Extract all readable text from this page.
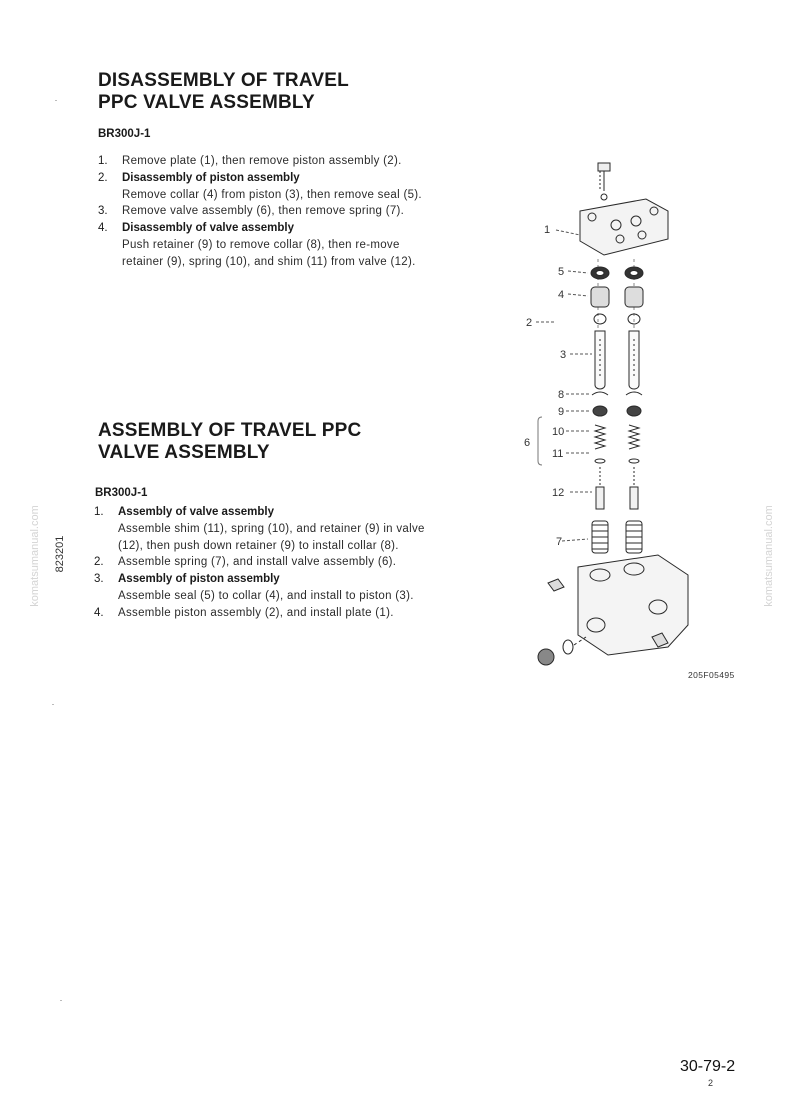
DISASSEMBLY OF TRAVEL
PPC VALVE ASSEMBLY
BR300J-1
1. Remove plate (1), then remove piston assembly (2).
2. Disassembly of piston assembly
Remove collar (4) from piston (3), then remove seal (5).
3. Remove valve assembly (6), then remove spring (7).
4. Disassembly of valve assembly
Push retainer (9) to remove collar (8), then re-move retainer (9), spring (10), and shim (11) from valve (12).
ASSEMBLY OF TRAVEL PPC
VALVE ASSEMBLY
BR300J-1
1. Assembly of valve assembly
Assemble shim (11), spring (10), and retainer (9) in valve (12), then push down retainer (9) to install collar (8).
2. Assemble spring (7), and install valve assembly (6).
3. Assembly of piston assembly
Assemble seal (5) to collar (4), and install to piston (3).
4. Assemble piston assembly (2), and install plate (1).
komatsumanual.com 823201	komatsumanual.com
1
5
4
2
3
8
9
10
6
11
12
7
205F05495
30-79-2
2
